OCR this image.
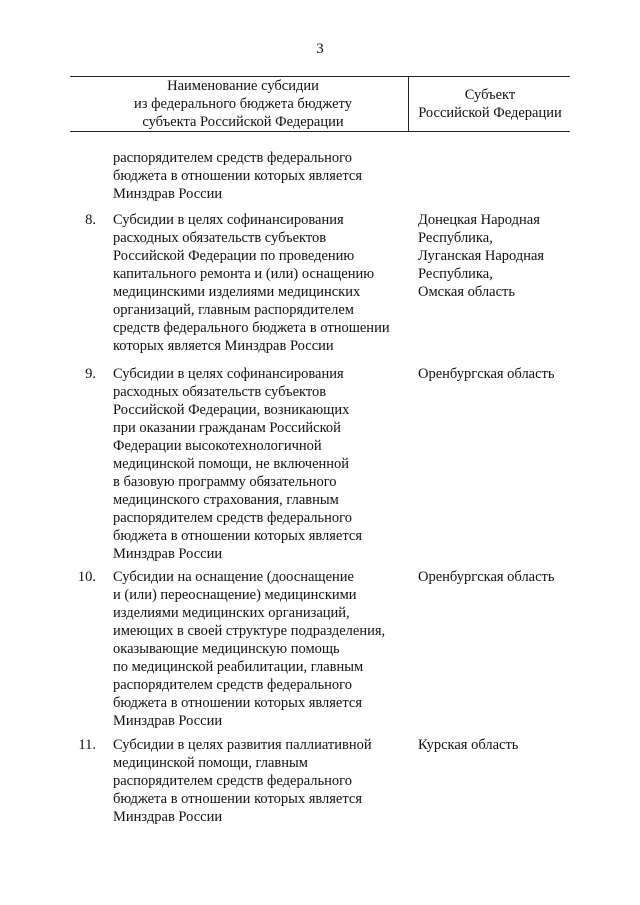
3
Наименование субсидии
из федерального бюджета бюджету
субъекта Российской Федерации
Субъект
Российской Федерации
распорядителем средств федерального
бюджета в отношении которых является
Минздрав России
8. Субсидии в целях софинансирования
расходных обязательств субъектов
Российской Федерации по проведению
капитального ремонта и (или) оснащению
медицинскими изделиями медицинских
организаций, главным распорядителем
средств федерального бюджета в отношении
которых является Минздрав России
Донецкая Народная
Республика,
Луганская Народная
Республика,
Омская область
9. Субсидии в целях софинансирования
расходных обязательств субъектов
Российской Федерации, возникающих
при оказании гражданам Российской
Федерации высокотехнологичной
медицинской помощи, не включенной
в базовую программу обязательного
медицинского страхования, главным
распорядителем средств федерального
бюджета в отношении которых является
Минздрав России
Оренбургская область
10. Субсидии на оснащение (дооснащение
и (или) переоснащение) медицинскими
изделиями медицинских организаций,
имеющих в своей структуре подразделения,
оказывающие медицинскую помощь
по медицинской реабилитации, главным
распорядителем средств федерального
бюджета в отношении которых является
Минздрав России
Оренбургская область
11. Субсидии в целях развития паллиативной
медицинской помощи, главным
распорядителем средств федерального
бюджета в отношении которых является
Минздрав России
Курская область
